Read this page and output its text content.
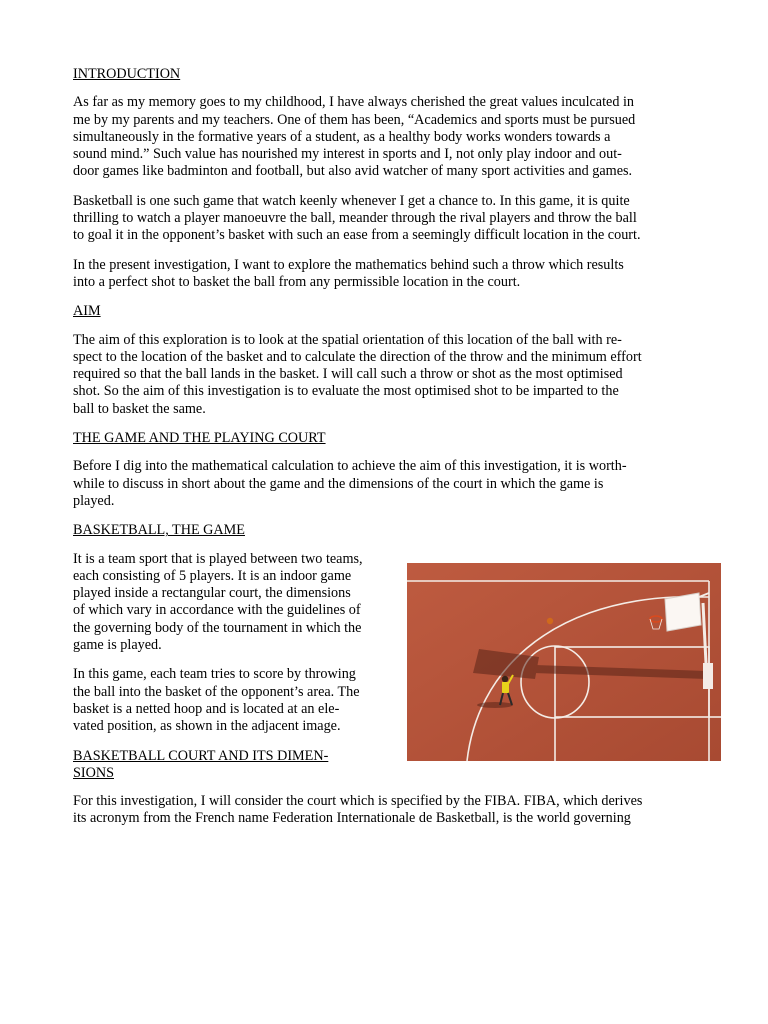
INTRODUCTION
As far as my memory goes to my childhood, I have always cherished the great values inculcated in
me by my parents and my teachers. One of them has been, “Academics and sports must be pursued
simultaneously in the formative years of a student, as a healthy body works wonders towards a
sound mind.” Such value has nourished my interest in sports and I, not only play indoor and out-
door games like badminton and football, but also avid watcher of many sport activities and games.
Basketball is one such game that watch keenly whenever I get a chance to. In this game, it is quite
thrilling to watch a player manoeuvre the ball, meander through the rival players and throw the ball
to goal it in the opponent’s basket with such an ease from a seemingly difficult location in the court.
In the present investigation, I want to explore the mathematics behind such a throw which results
into a perfect shot to basket the ball from any permissible location in the court.
AIM
The aim of this exploration is to look at the spatial orientation of this location of the ball with re-
spect to the location of the basket and to calculate the direction of the throw and the minimum effort
required so that the ball lands in the basket. I will call such a throw or shot as the most optimised
shot. So the aim of this investigation is to evaluate the most optimised shot to be imparted to the
ball to basket the same.
THE GAME AND THE PLAYING COURT
Before I dig into the mathematical calculation to achieve the aim of this investigation, it is worth-
while to discuss in short about the game and the dimensions of the court in which the game is
played.
BASKETBALL, THE GAME
It is a team sport that is played between two teams,
each consisting of 5 players. It is an indoor game
played inside a rectangular court, the dimensions
of which vary in accordance with the guidelines of
the governing body of the tournament in which the
game is played.
In this game, each team tries to score by throwing
the ball into the basket of the opponent’s area. The
basket is a netted hoop and is located at an ele-
vated position, as shown in the adjacent image.
BASKETBALL COURT AND ITS DIMEN-
SIONS
For this investigation, I will consider the court which is specified by the FIBA. FIBA, which derives
its acronym from the French name Federation Internationale de Basketball, is the world governing
